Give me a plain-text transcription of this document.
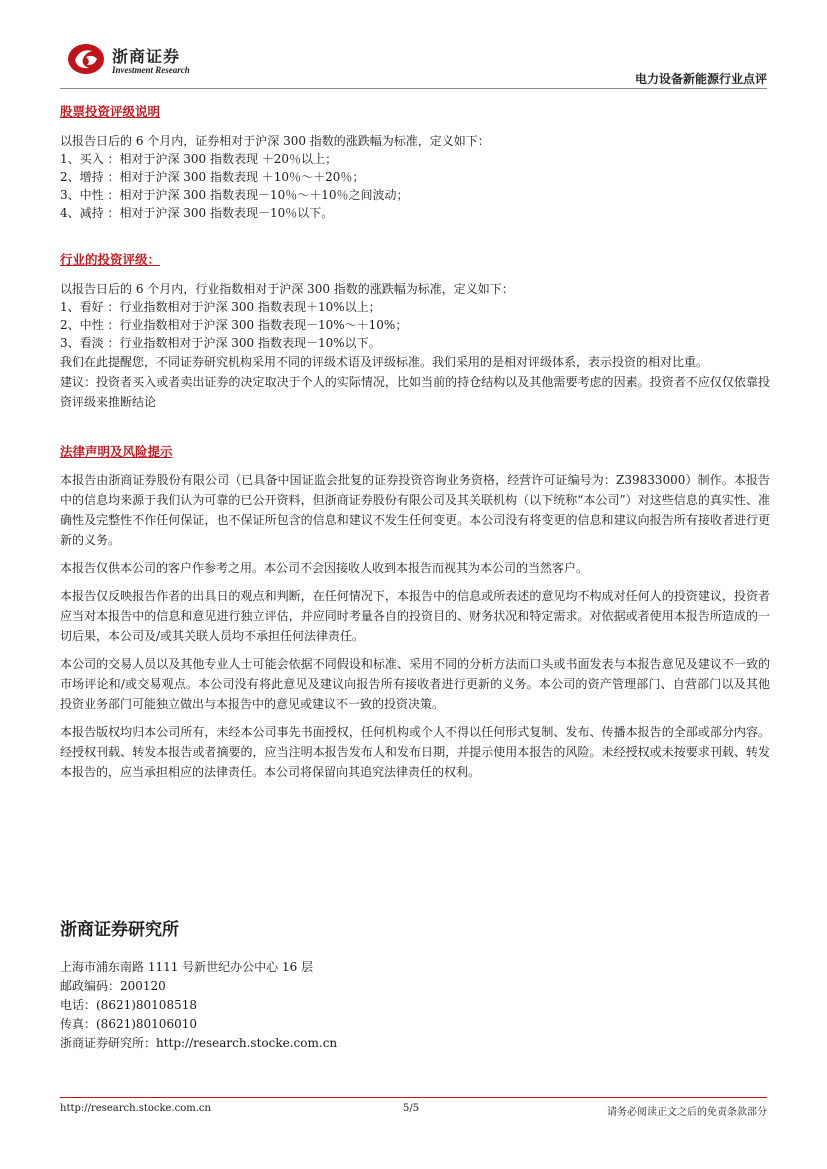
浙商证券
Investment Research
电力设备新能源行业点评
股票投资评级说明

以报告日后的 6 个月内，证券相对于沪深 300 指数的涨跌幅为标准，定义如下：

1、买入 ：相对于沪深 300 指数表现 ＋20％以上；

2、增持 ：相对于沪深 300 指数表现 ＋10％～＋20％；

3、中性 ：相对于沪深 300 指数表现－10％～＋10％之间波动；

4、减持 ：相对于沪深 300 指数表现－10％以下。

行业的投资评级：

以报告日后的 6 个月内，行业指数相对于沪深 300 指数的涨跌幅为标准，定义如下：

1、看好 ：行业指数相对于沪深 300 指数表现＋10%以上；

2、中性 ：行业指数相对于沪深 300 指数表现－10%～＋10%；

3、看淡 ：行业指数相对于沪深 300 指数表现－10%以下。

我们在此提醒您，不同证券研究机构采用不同的评级术语及评级标准。我们采用的是相对评级体系，表示投资的相对比重。

建议：投资者买入或者卖出证券的决定取决于个人的实际情况，比如当前的持仓结构以及其他需要考虑的因素。投资者不应仅仅依靠投资评级来推断结论

法律声明及风险提示

本报告由浙商证券股份有限公司（已具备中国证监会批复的证券投资咨询业务资格，经营许可证编号为：Z39833000）制作。本报告中的信息均来源于我们认为可靠的已公开资料，但浙商证券股份有限公司及其关联机构（以下统称“本公司”）对这些信息的真实性、准确性及完整性不作任何保证，也不保证所包含的信息和建议不发生任何变更。本公司没有将变更的信息和建议向报告所有接收者进行更新的义务。

本报告仅供本公司的客户作参考之用。本公司不会因接收人收到本报告而视其为本公司的当然客户。

本报告仅反映报告作者的出具日的观点和判断，在任何情况下，本报告中的信息或所表述的意见均不构成对任何人的投资建议，投资者应当对本报告中的信息和意见进行独立评估，并应同时考量各自的投资目的、财务状况和特定需求。对依据或者使用本报告所造成的一切后果，本公司及/或其关联人员均不承担任何法律责任。

本公司的交易人员以及其他专业人士可能会依据不同假设和标准、采用不同的分析方法而口头或书面发表与本报告意见及建议不一致的市场评论和/或交易观点。本公司没有将此意见及建议向报告所有接收者进行更新的义务。本公司的资产管理部门、自营部门以及其他投资业务部门可能独立做出与本报告中的意见或建议不一致的投资决策。

本报告版权均归本公司所有，未经本公司事先书面授权，任何机构或个人不得以任何形式复制、发布、传播本报告的全部或部分内容。经授权刊载、转发本报告或者摘要的，应当注明本报告发布人和发布日期，并提示使用本报告的风险。未经授权或未按要求刊载、转发本报告的，应当承担相应的法律责任。本公司将保留向其追究法律责任的权利。

浙商证券研究所
上海市浦东南路 1111 号新世纪办公中心 16 层
邮政编码：200120
电话：(8621)80108518
传真：(8621)80106010
浙商证券研究所：http://research.stocke.com.cn
http://research.stocke.com.cn	5/5	请务必阅读正文之后的免责条款部分
